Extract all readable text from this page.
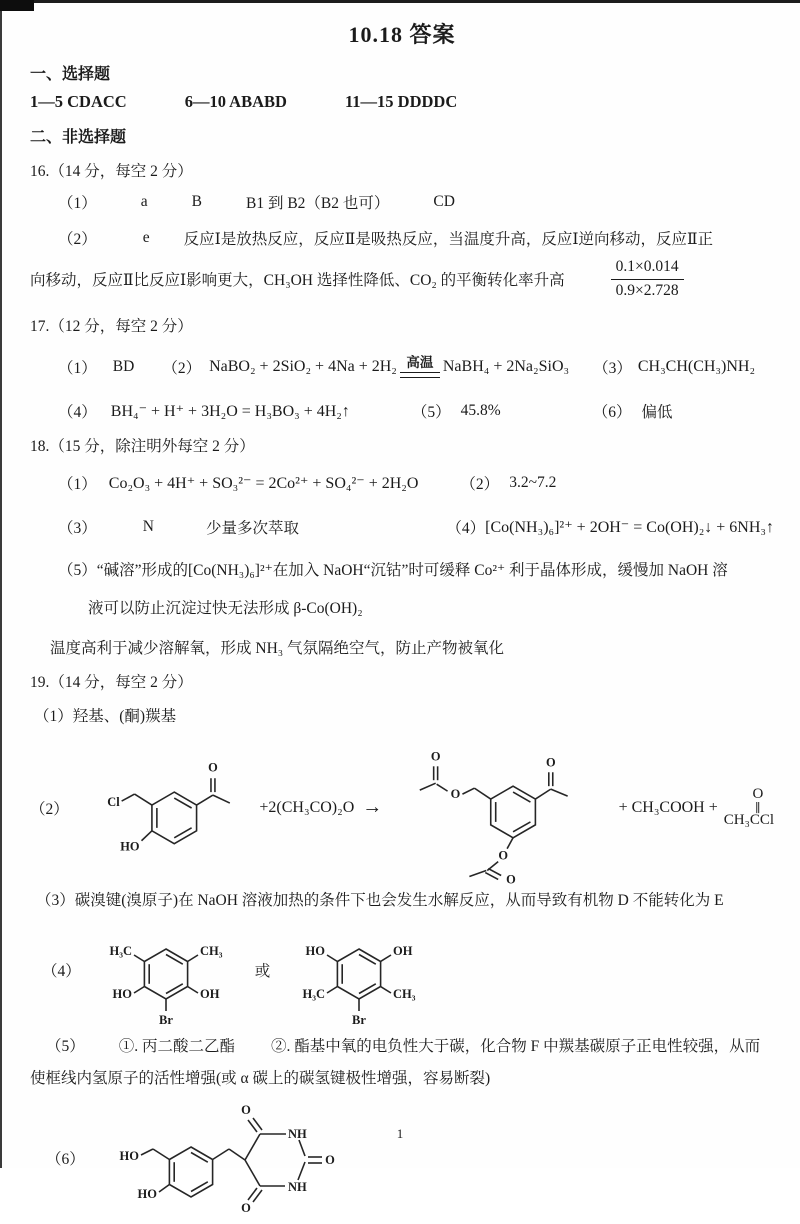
10.18 答案
一、选择题
1—5 CDACC	6—10 ABABD	11—15 DDDDC
二、非选择题
16.（14 分，每空 2 分）
（1）	a	B	B1 到 B2（B2 也可）	CD
（2）	e 反应Ⅰ是放热反应，反应Ⅱ是吸热反应，当温度升高，反应Ⅰ逆向移动，反应Ⅱ正
向移动，反应Ⅱ比反应Ⅰ影响更大，CH₃OH 选择性降低、CO₂ 的平衡转化率升高	$\frac{0.1\times 0.014}{0.9\times 2.728}$
17.（12 分，每空 2 分）
（1） BD （2） NaBO₂ + 2SiO₂ + 4Na + 2H₂ 高温 NaBH₄ + 2Na₂SiO₃ （3） CH₃CH(CH₃)NH₂
（4） BH₄⁻ + H⁺ + 3H₂O = H₃BO₃ + 4H₂↑	（5） 45.8%	（6） 偏低
18.（15 分，除注明外每空 2 分）
（1） Co₂O₃ + 4H⁺ + SO₃²⁻ = 2Co²⁺ + SO₄²⁻ + 2H₂O	（2） 3.2~7.2
（3）	N	少量多次萃取	（4） [Co(NH₃)₆]²⁺ + 2OH⁻ = Co(OH)₂↓ + 6NH₃↑
（5）“碱溶”形成的[Co(NH₃)₆]²⁺在加入 NaOH“沉钴”时可缓释 Co²⁺ 利于晶体形成，缓慢加 NaOH 溶
液可以防止沉淀过快无法形成 β-Co(OH)₂
温度高利于减少溶解氧，形成 NH₃ 气氛隔绝空气，防止产物被氧化
19.（14 分，每空 2 分）
（1）羟基、(酮)羰基
（2）	Cl
HO
O
+2(CH₃CO)₂O →
O
O	O
O
O
+ CH₃COOH +
O
∥
CH₃CCl
（3）碳溴键(溴原子)在 NaOH 溶液加热的条件下也会发生水解反应，从而导致有机物 D 不能转化为 E
（4）
H₃C	CH₃
HO	OH
Br
或
HO	OH
H₃C	CH₃
Br
（5） ①. 丙二酸二乙酯 ②. 酯基中氧的电负性大于碳，化合物 F 中羰基碳原子正电性较强，从而
使框线内氢原子的活性增强(或 α 碳上的碳氢键极性增强，容易断裂)
（6）	HO
HO
O
NH
O
NH
O
1
